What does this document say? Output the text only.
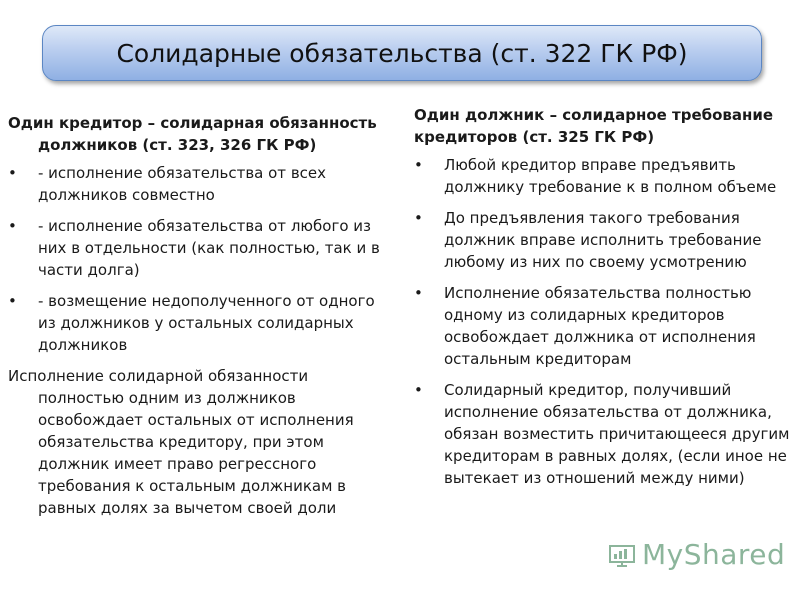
Солидарные обязательства (ст. 322 ГК РФ)

Один кредитор – солидарная обязанность должников (ст. 323, 326 ГК РФ)

•	- исполнение обязательства от всех должников совместно
•	- исполнение обязательства от любого из них в отдельности (как полностью, так и в части долга)
•	- возмещение недополученного от одного из должников у остальных солидарных должников

Исполнение солидарной обязанности полностью одним из должников освобождает остальных от исполнения обязательства кредитору, при этом должник имеет право регрессного требования к остальным должникам в равных долях за вычетом своей доли

Один должник – солидарное требование кредиторов (ст. 325 ГК РФ)

•	Любой кредитор вправе предъявить должнику требование к в полном объеме
•	До предъявления такого требования должник вправе исполнить требование любому из них по своему усмотрению
•	Исполнение обязательства полностью одному из солидарных кредиторов освобождает должника от исполнения остальным кредиторам
•	Солидарный кредитор, получивший исполнение обязательства от должника, обязан возместить причитающееся другим кредиторам в равных долях, (если иное не вытекает из отношений между ними)
MyShared
